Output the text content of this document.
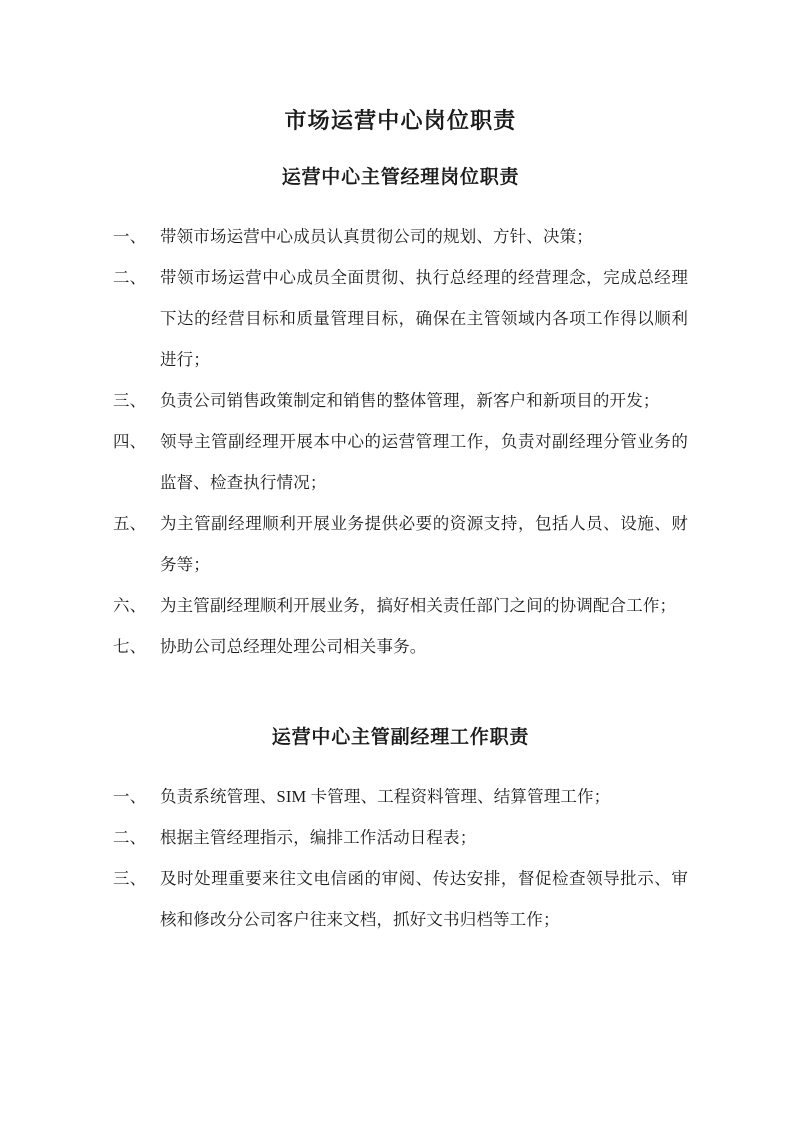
市场运营中心岗位职责
运营中心主管经理岗位职责
一、 带领市场运营中心成员认真贯彻公司的规划、方针、决策；
二、 带领市场运营中心成员全面贯彻、执行总经理的经营理念，完成总经理下达的经营目标和质量管理目标，确保在主管领域内各项工作得以顺利进行；
三、 负责公司销售政策制定和销售的整体管理，新客户和新项目的开发；
四、 领导主管副经理开展本中心的运营管理工作，负责对副经理分管业务的监督、检查执行情况；
五、 为主管副经理顺利开展业务提供必要的资源支持，包括人员、设施、财务等；
六、 为主管副经理顺利开展业务，搞好相关责任部门之间的协调配合工作；
七、 协助公司总经理处理公司相关事务。
运营中心主管副经理工作职责
一、 负责系统管理、SIM 卡管理、工程资料管理、结算管理工作；
二、 根据主管经理指示，编排工作活动日程表；
三、 及时处理重要来往文电信函的审阅、传达安排，督促检查领导批示、审核和修改分公司客户往来文档，抓好文书归档等工作；
